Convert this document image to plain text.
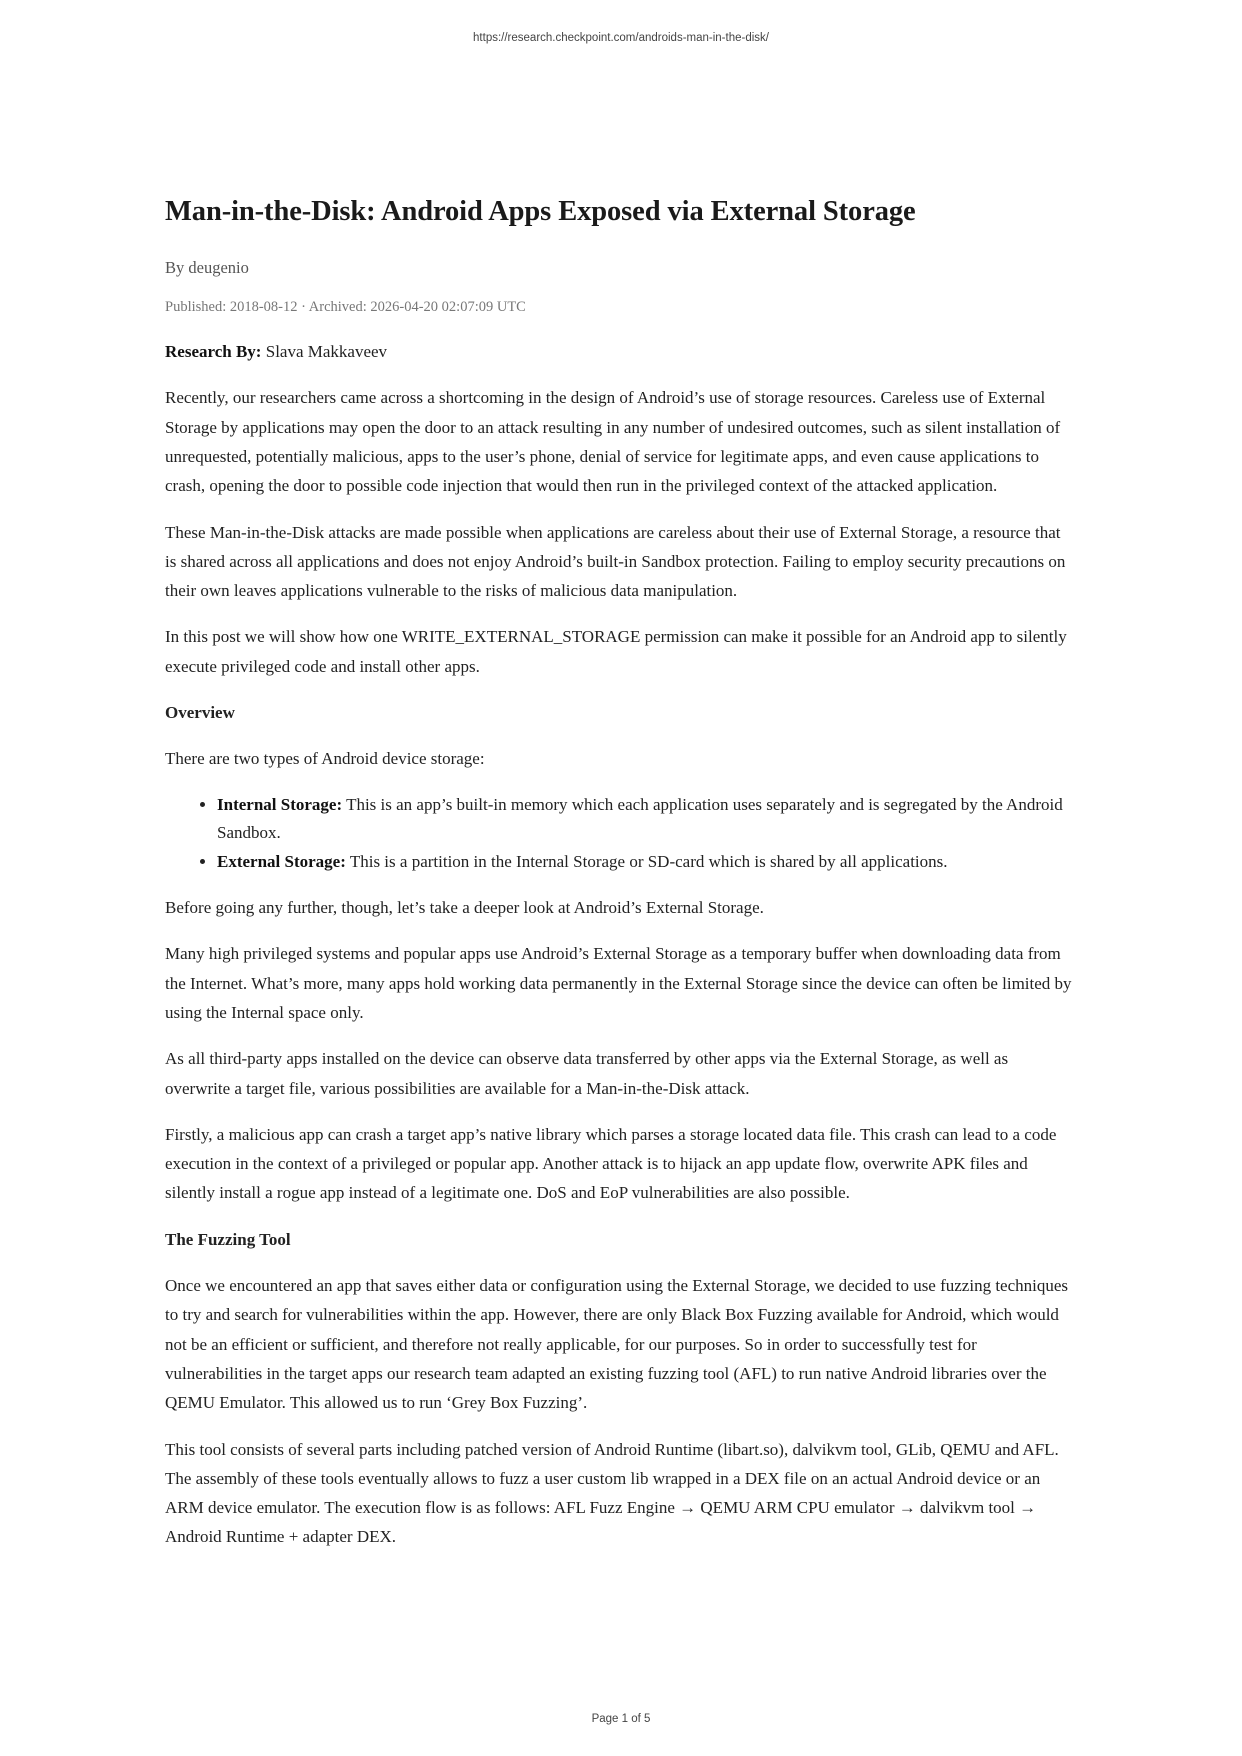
https://research.checkpoint.com/androids-man-in-the-disk/
Man-in-the-Disk: Android Apps Exposed via External Storage
By deugenio
Published: 2018-08-12 · Archived: 2026-04-20 02:07:09 UTC

Research By: Slava Makkaveev

Recently, our researchers came across a shortcoming in the design of Android’s use of storage resources. Careless use of External Storage by applications may open the door to an attack resulting in any number of undesired outcomes, such as silent installation of unrequested, potentially malicious, apps to the user’s phone, denial of service for legitimate apps, and even cause applications to crash, opening the door to possible code injection that would then run in the privileged context of the attacked application.

These Man-in-the-Disk attacks are made possible when applications are careless about their use of External Storage, a resource that is shared across all applications and does not enjoy Android’s built-in Sandbox protection. Failing to employ security precautions on their own leaves applications vulnerable to the risks of malicious data manipulation.

In this post we will show how one WRITE_EXTERNAL_STORAGE permission can make it possible for an Android app to silently execute privileged code and install other apps.

Overview

There are two types of Android device storage:

• Internal Storage: This is an app’s built-in memory which each application uses separately and is segregated by the Android Sandbox.
• External Storage: This is a partition in the Internal Storage or SD-card which is shared by all applications.

Before going any further, though, let’s take a deeper look at Android’s External Storage.

Many high privileged systems and popular apps use Android’s External Storage as a temporary buffer when downloading data from the Internet. What’s more, many apps hold working data permanently in the External Storage since the device can often be limited by using the Internal space only.

As all third-party apps installed on the device can observe data transferred by other apps via the External Storage, as well as overwrite a target file, various possibilities are available for a Man-in-the-Disk attack.

Firstly, a malicious app can crash a target app’s native library which parses a storage located data file. This crash can lead to a code execution in the context of a privileged or popular app. Another attack is to hijack an app update flow, overwrite APK files and silently install a rogue app instead of a legitimate one. DoS and EoP vulnerabilities are also possible.

The Fuzzing Tool

Once we encountered an app that saves either data or configuration using the External Storage, we decided to use fuzzing techniques to try and search for vulnerabilities within the app. However, there are only Black Box Fuzzing available for Android, which would not be an efficient or sufficient, and therefore not really applicable, for our purposes. So in order to successfully test for vulnerabilities in the target apps our research team adapted an existing fuzzing tool (AFL) to run native Android libraries over the QEMU Emulator. This allowed us to run ‘Grey Box Fuzzing’.

This tool consists of several parts including patched version of Android Runtime (libart.so), dalvikvm tool, GLib, QEMU and AFL. The assembly of these tools eventually allows to fuzz a user custom lib wrapped in a DEX file on an actual Android device or an ARM device emulator. The execution flow is as follows: AFL Fuzz Engine → QEMU ARM CPU emulator → dalvikvm tool → Android Runtime + adapter DEX.

Page 1 of 5
